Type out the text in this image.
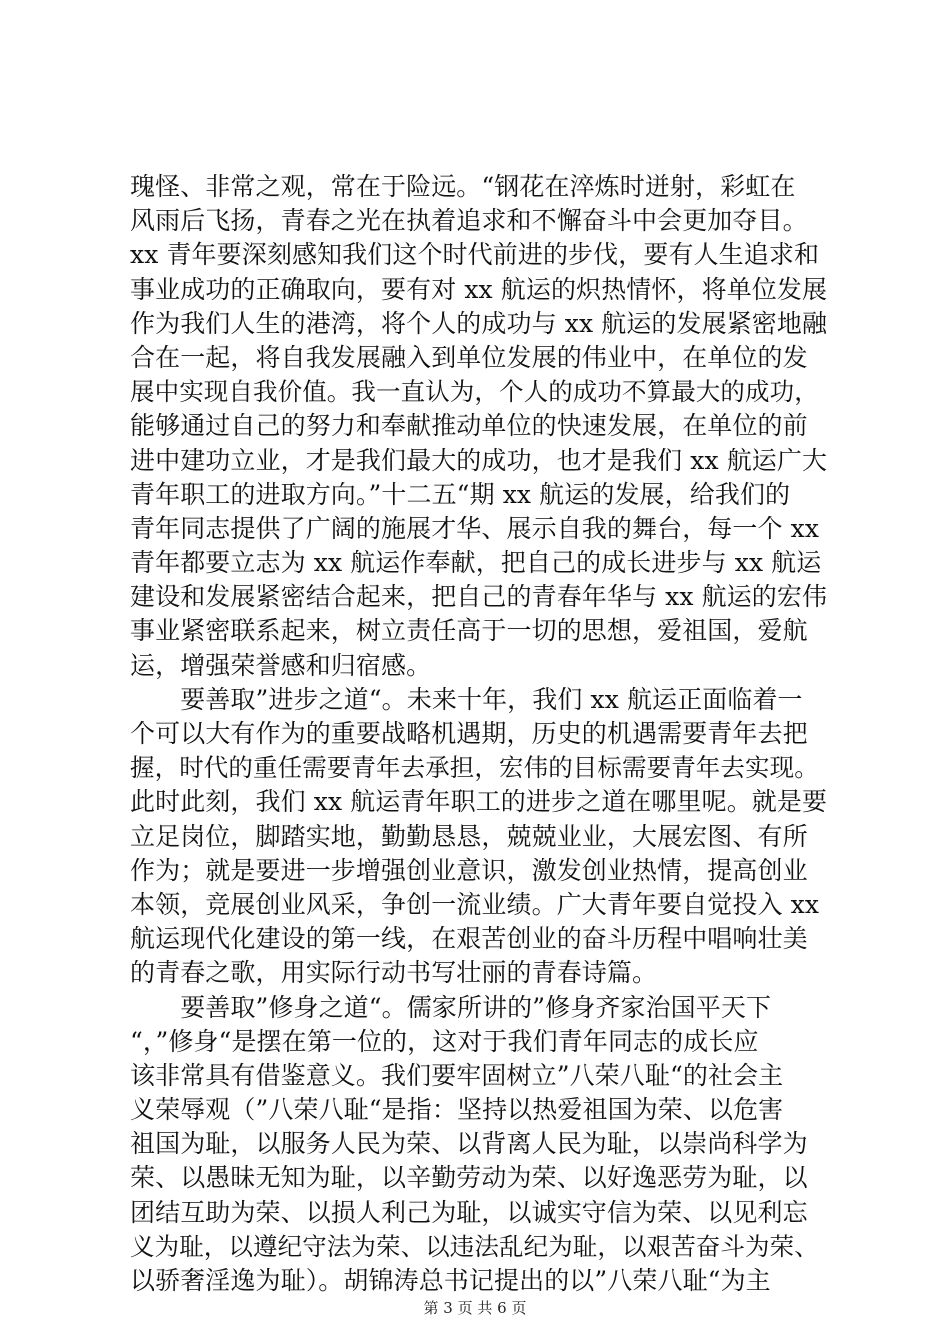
瑰怪、非常之观，常在于险远。“钢花在淬炼时迸射，彩虹在
风雨后飞扬，青春之光在执着追求和不懈奋斗中会更加夺目。
xx 青年要深刻感知我们这个时代前进的步伐，要有人生追求和
事业成功的正确取向，要有对 xx 航运的炽热情怀，将单位发展
作为我们人生的港湾，将个人的成功与 xx 航运的发展紧密地融
合在一起，将自我发展融入到单位发展的伟业中，在单位的发
展中实现自我价值。我一直认为，个人的成功不算最大的成功，
能够通过自己的努力和奉献推动单位的快速发展，在单位的前
进中建功立业，才是我们最大的成功，也才是我们 xx 航运广大
青年职工的进取方向。”十二五“期 xx 航运的发展，给我们的
青年同志提供了广阔的施展才华、展示自我的舞台，每一个 xx
青年都要立志为 xx 航运作奉献，把自己的成长进步与 xx 航运
建设和发展紧密结合起来，把自己的青春年华与 xx 航运的宏伟
事业紧密联系起来，树立责任高于一切的思想，爱祖国，爱航
运，增强荣誉感和归宿感。
　　要善取”进步之道“。未来十年，我们 xx 航运正面临着一
个可以大有作为的重要战略机遇期，历史的机遇需要青年去把
握，时代的重任需要青年去承担，宏伟的目标需要青年去实现。
此时此刻，我们 xx 航运青年职工的进步之道在哪里呢。就是要
立足岗位，脚踏实地，勤勤恳恳，兢兢业业，大展宏图、有所
作为；就是要进一步增强创业意识，激发创业热情，提高创业
本领，竞展创业风采，争创一流业绩。广大青年要自觉投入 xx
航运现代化建设的第一线，在艰苦创业的奋斗历程中唱响壮美
的青春之歌，用实际行动书写壮丽的青春诗篇。
　　要善取”修身之道“。儒家所讲的”修身齐家治国平天下
“，”修身“是摆在第一位的，这对于我们青年同志的成长应
该非常具有借鉴意义。我们要牢固树立”八荣八耻“的社会主
义荣辱观（”八荣八耻“是指：坚持以热爱祖国为荣、以危害
祖国为耻，以服务人民为荣、以背离人民为耻，以崇尚科学为
荣、以愚昧无知为耻，以辛勤劳动为荣、以好逸恶劳为耻，以
团结互助为荣、以损人利己为耻，以诚实守信为荣、以见利忘
义为耻，以遵纪守法为荣、以违法乱纪为耻，以艰苦奋斗为荣、
以骄奢淫逸为耻）。胡锦涛总书记提出的以”八荣八耻“为主
第 3 页 共 6 页
